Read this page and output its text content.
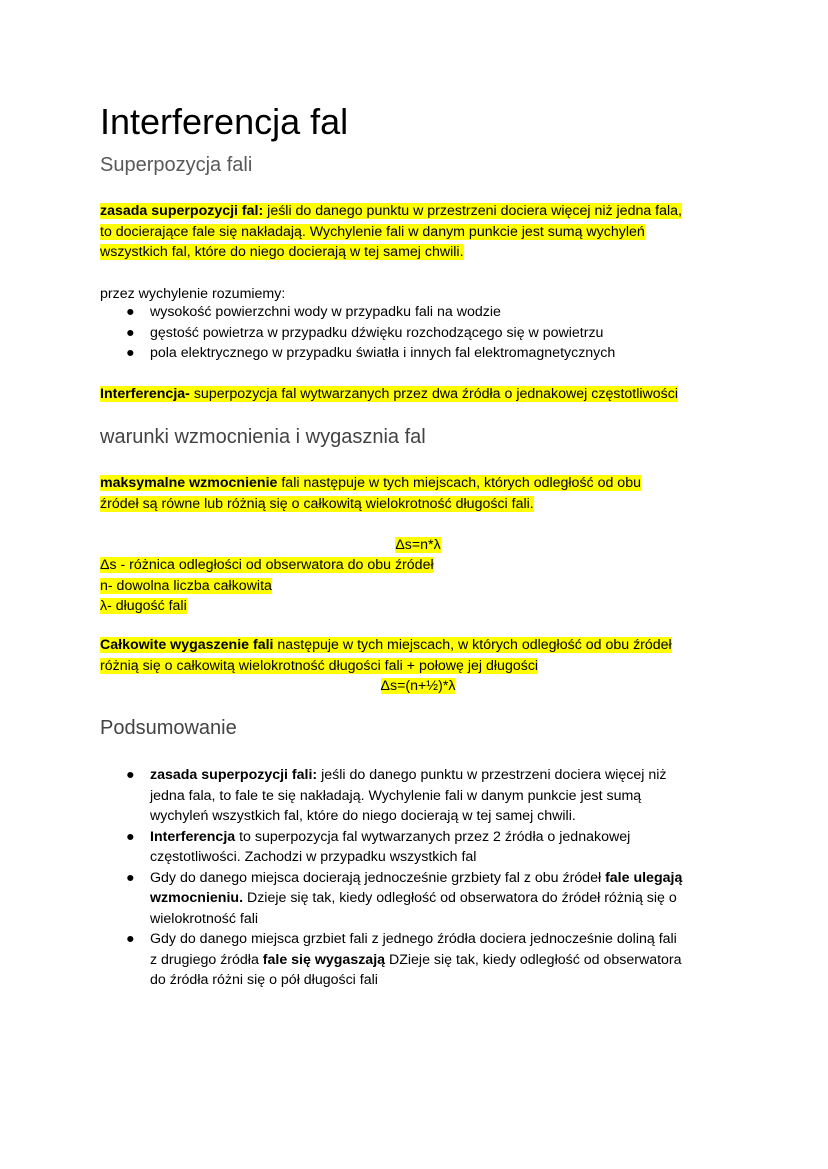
Interferencja fal
Superpozycja fali

zasada superpozycji fal: jeśli do danego punktu w przestrzeni dociera więcej niż jedna fala,
to docierające fale się nakładają. Wychylenie fali w danym punkcie jest sumą wychyleń
wszystkich fal, które do niego docierają w tej samej chwili.

przez wychylenie rozumiemy:

● wysokość powierzchni wody w przypadku fali na wodzie
● gęstość powietrza w przypadku dźwięku rozchodzącego się w powietrzu
● pola elektrycznego w przypadku światła i innych fal elektromagnetycznych

Interferencja- superpozycja fal wytwarzanych przez dwa źródła o jednakowej częstotliwości

warunki wzmocnienia i wygasznia fal

maksymalne wzmocnienie fali następuje w tych miejscach, których odległość od obu
źródeł są równe lub różnią się o całkowitą wielokrotność długości fali.

Δs=n*λ

Δs - różnica odległości od obserwatora do obu źródeł
n- dowolna liczba całkowita
λ- długość fali

Całkowite wygaszenie fali następuje w tych miejscach, w których odległość od obu źródeł
różnią się o całkowitą wielokrotność długości fali + połowę jej długości

Δs=(n+½)*λ

Podsumowanie
● zasada superpozycji fali: jeśli do danego punktu w przestrzeni dociera więcej niż
jedna fala, to fale te się nakładają. Wychylenie fali w danym punkcie jest sumą
wychyleń wszystkich fal, które do niego docierają w tej samej chwili.
● Interferencja to superpozycja fal wytwarzanych przez 2 źródła o jednakowej
częstotliwości. Zachodzi w przypadku wszystkich fal
● Gdy do danego miejsca docierają jednocześnie grzbiety fal z obu źródeł fale ulegają
wzmocnieniu. Dzieje się tak, kiedy odległość od obserwatora do źródeł różnią się o
wielokrotność fali
● Gdy do danego miejsca grzbiet fali z jednego źródła dociera jednocześnie doliną fali
z drugiego źródła fale się wygaszają DZieje się tak, kiedy odległość od obserwatora
do źródła różni się o pół długości fali
